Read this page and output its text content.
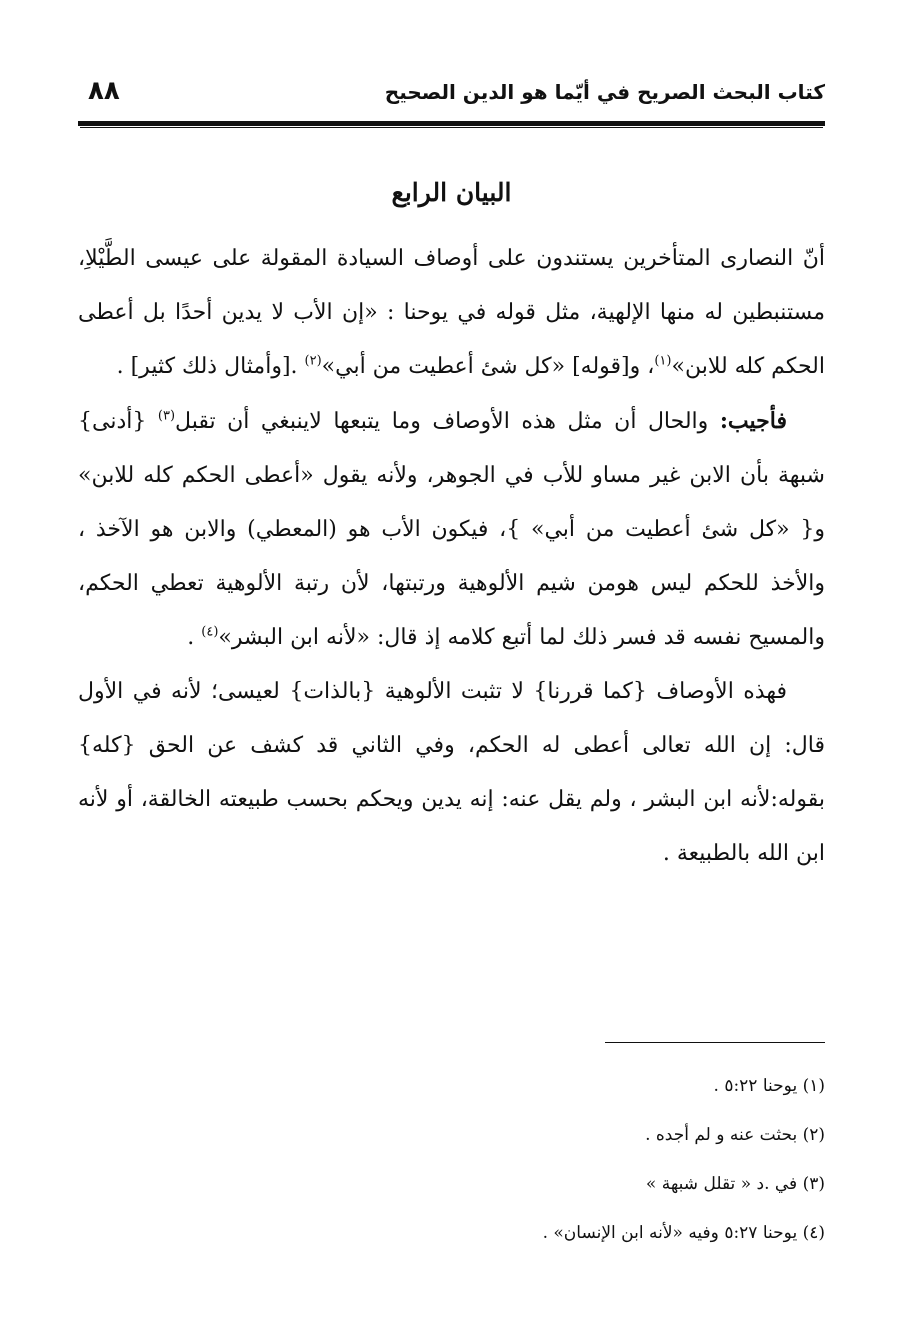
كتاب البحث الصريح في أيّما هو الدين الصحيح
٨٨
البيان الرابع

أنّ النصارى المتأخرين يستندون على أوصاف السيادة المقولة على عيسى الطَّيْلاِ، مستنبطين له منها الإلهية، مثل قوله في يوحنا : «إن الأب لا يدين أحدًا بل أعطى الحكم كله للابن»$^{(١)}$، و[قوله] «كل شئ أعطيت من أبي»$^{(٢)}$ .[وأمثال ذلك كثير] .

فأجيب: والحال أن مثل هذه الأوصاف وما يتبعها لاينبغي أن تقبل$^{(٣)}$ {أدنى} شبهة بأن الابن غير مساو للأب في الجوهر، ولأنه يقول «أعطى الحكم كله للابن» و{ «كل شئ أعطيت من أبي» }، فيكون الأب هو (المعطي) والابن هو الآخذ ، والأخذ للحكم ليس هومن شيم الألوهية ورتبتها، لأن رتبة الألوهية تعطي الحكم، والمسيح نفسه قد فسر ذلك لما أتبع كلامه إذ قال: «لأنه ابن البشر»$^{(٤)}$ .

فهذه الأوصاف {كما قررنا} لا تثبت الألوهية {بالذات} لعيسى؛ لأنه في الأول قال: إن الله تعالى أعطى له الحكم، وفي الثاني قد كشف عن الحق {كله} بقوله:لأنه ابن البشر ، ولم يقل عنه: إنه يدين ويحكم بحسب طبيعته الخالقة، أو لأنه ابن الله بالطبيعة .

(١) يوحنا ٥:٢٢ .
(٢) بحثت عنه و لم أجده .
(٣) في .د « تقلل شبهة »
(٤) يوحنا ٥:٢٧ وفيه «لأنه ابن الإنسان» .
